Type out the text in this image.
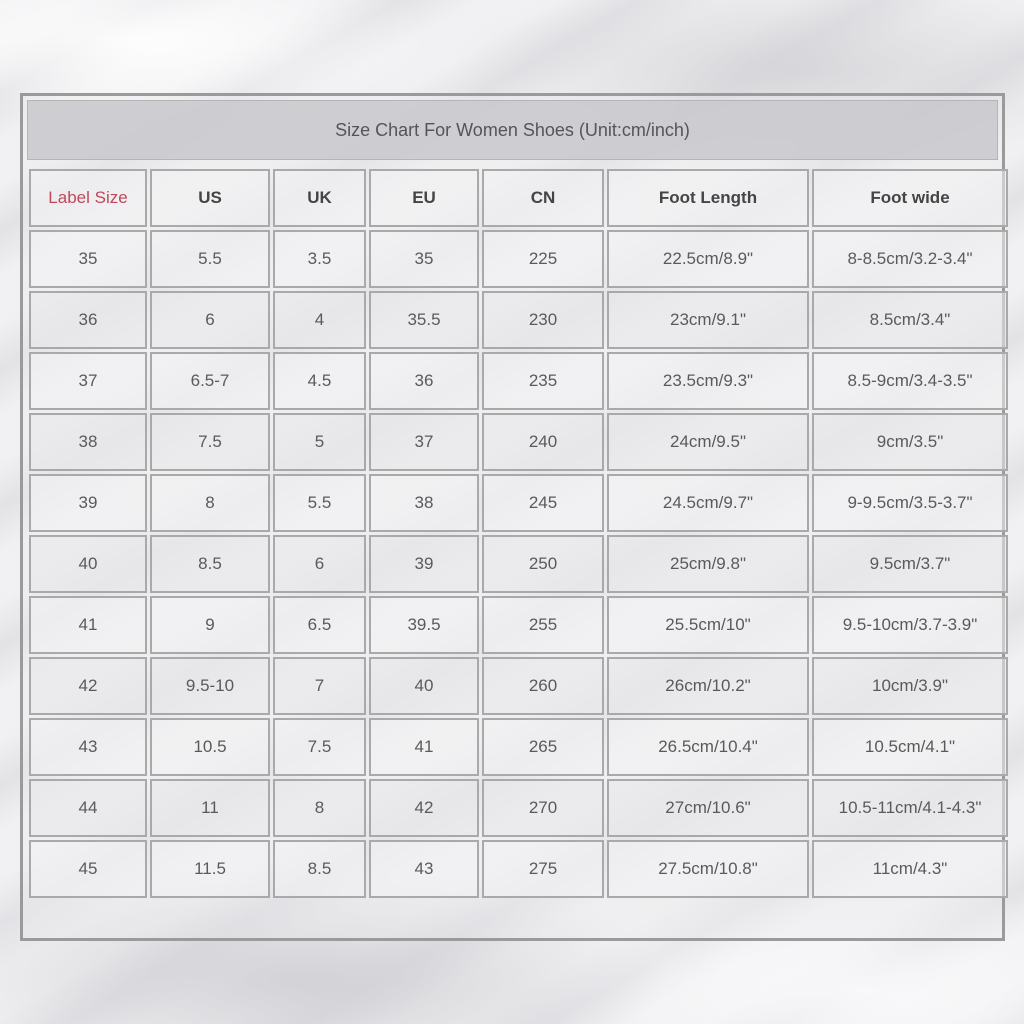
Size Chart For Women Shoes (Unit:cm/inch)
Label Size	US	UK	EU	CN	Foot Length	Foot wide
35	5.5	3.5	35	225	22.5cm/8.9"	8-8.5cm/3.2-3.4"
36	6	4	35.5	230	23cm/9.1"	8.5cm/3.4"
37	6.5-7	4.5	36	235	23.5cm/9.3"	8.5-9cm/3.4-3.5"
38	7.5	5	37	240	24cm/9.5"	9cm/3.5"
39	8	5.5	38	245	24.5cm/9.7"	9-9.5cm/3.5-3.7"
40	8.5	6	39	250	25cm/9.8"	9.5cm/3.7"
41	9	6.5	39.5	255	25.5cm/10"	9.5-10cm/3.7-3.9"
42	9.5-10	7	40	260	26cm/10.2"	10cm/3.9"
43	10.5	7.5	41	265	26.5cm/10.4"	10.5cm/4.1"
44	11	8	42	270	27cm/10.6"	10.5-11cm/4.1-4.3"
45	11.5	8.5	43	275	27.5cm/10.8"	11cm/4.3"
